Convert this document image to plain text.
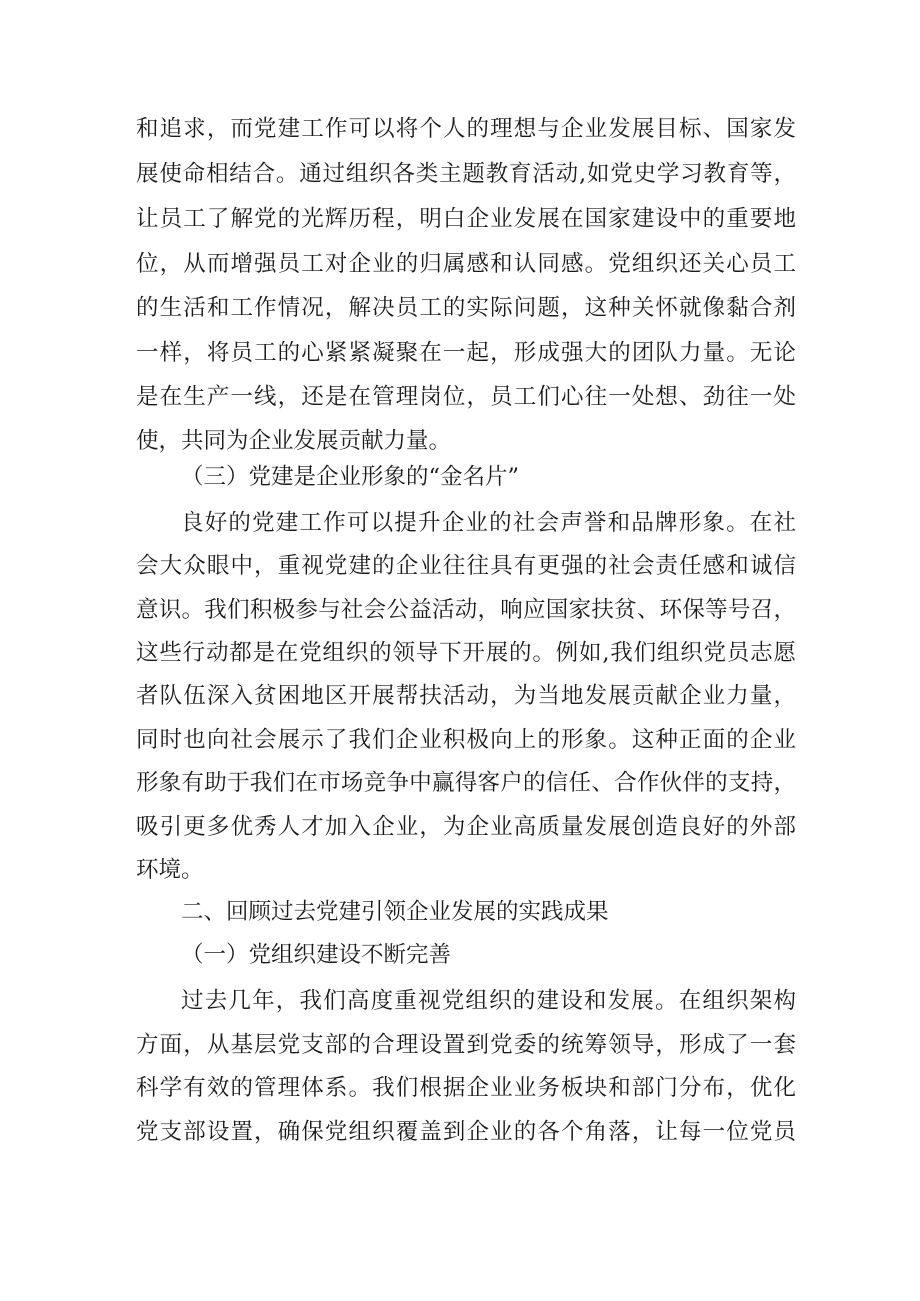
和追求，而党建工作可以将个人的理想与企业发展目标、国家发
展使命相结合。通过组织各类主题教育活动,如党史学习教育等，
让员工了解党的光辉历程，明白企业发展在国家建设中的重要地
位，从而增强员工对企业的归属感和认同感。党组织还关心员工
的生活和工作情况，解决员工的实际问题，这种关怀就像黏合剂
一样，将员工的心紧紧凝聚在一起，形成强大的团队力量。无论
是在生产一线，还是在管理岗位，员工们心往一处想、劲往一处
使，共同为企业发展贡献力量。
（三）党建是企业形象的“金名片”
良好的党建工作可以提升企业的社会声誉和品牌形象。在社
会大众眼中，重视党建的企业往往具有更强的社会责任感和诚信
意识。我们积极参与社会公益活动，响应国家扶贫、环保等号召，
这些行动都是在党组织的领导下开展的。例如,我们组织党员志愿
者队伍深入贫困地区开展帮扶活动，为当地发展贡献企业力量，
同时也向社会展示了我们企业积极向上的形象。这种正面的企业
形象有助于我们在市场竞争中赢得客户的信任、合作伙伴的支持，
吸引更多优秀人才加入企业，为企业高质量发展创造良好的外部
环境。
二、回顾过去党建引领企业发展的实践成果
（一）党组织建设不断完善
过去几年，我们高度重视党组织的建设和发展。在组织架构
方面，从基层党支部的合理设置到党委的统筹领导，形成了一套
科学有效的管理体系。我们根据企业业务板块和部门分布，优化
党支部设置，确保党组织覆盖到企业的各个角落，让每一位党员
